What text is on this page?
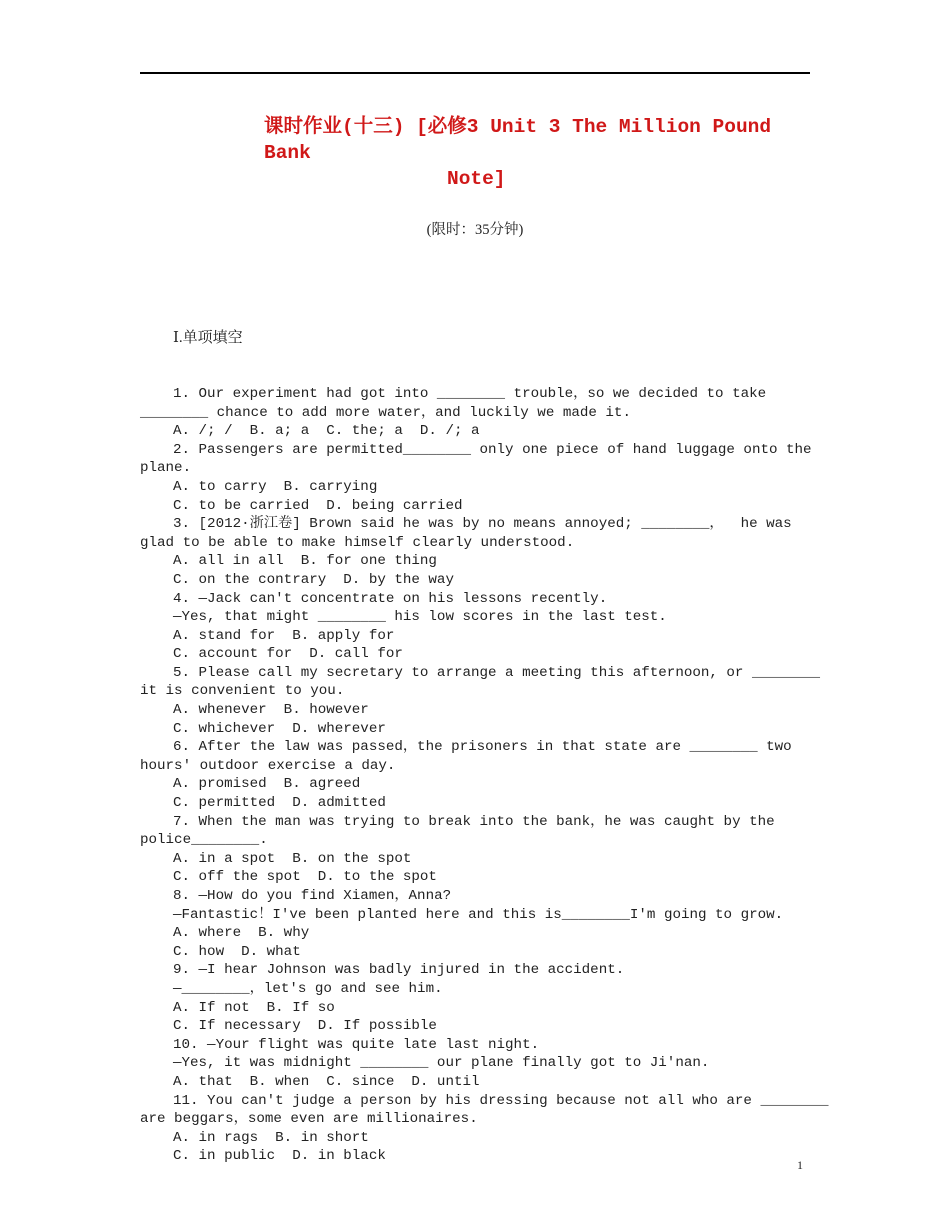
课时作业(十三) [必修3 Unit 3 The Million Pound Bank
Note]
(限时：35分钟)

Ⅰ.单项填空

1. Our experiment had got into ________ trouble，so we decided to take
________ chance to add more water，and luckily we made it.
A. /; /  B. a; a  C. the; a  D. /; a
2. Passengers are permitted________ only one piece of hand luggage onto the
plane.
A. to carry  B. carrying
C. to be carried  D. being carried
3. [2012·浙江卷] Brown said he was by no means annoyed; ________，  he was
glad to be able to make himself clearly understood.
A. all in all  B. for one thing
C. on the contrary  D. by the way
4. —Jack can't concentrate on his lessons recently.
—Yes, that might ________ his low scores in the last test.
A. stand for  B. apply for
C. account for  D. call for
5. Please call my secretary to arrange a meeting this afternoon, or ________
it is convenient to you.
A. whenever  B. however
C. whichever  D. wherever
6. After the law was passed，the prisoners in that state are ________ two
hours' outdoor exercise a day.
A. promised  B. agreed
C. permitted  D. admitted
7. When the man was trying to break into the bank，he was caught by the
police________.
A. in a spot  B. on the spot
C. off the spot  D. to the spot
8. —How do you find Xiamen，Anna?
—Fantastic！I've been planted here and this is________I'm going to grow.
A. where  B. why
C. how  D. what
9. —I hear Johnson was badly injured in the accident.
—________，let's go and see him.
A. If not  B. If so
C. If necessary  D. If possible
10. —Your flight was quite late last night.
—Yes, it was midnight ________ our plane finally got to Ji'nan.
A. that  B. when  C. since  D. until
11. You can't judge a person by his dressing because not all who are ________
are beggars，some even are millionaires.
A. in rags  B. in short
C. in public  D. in black

1
